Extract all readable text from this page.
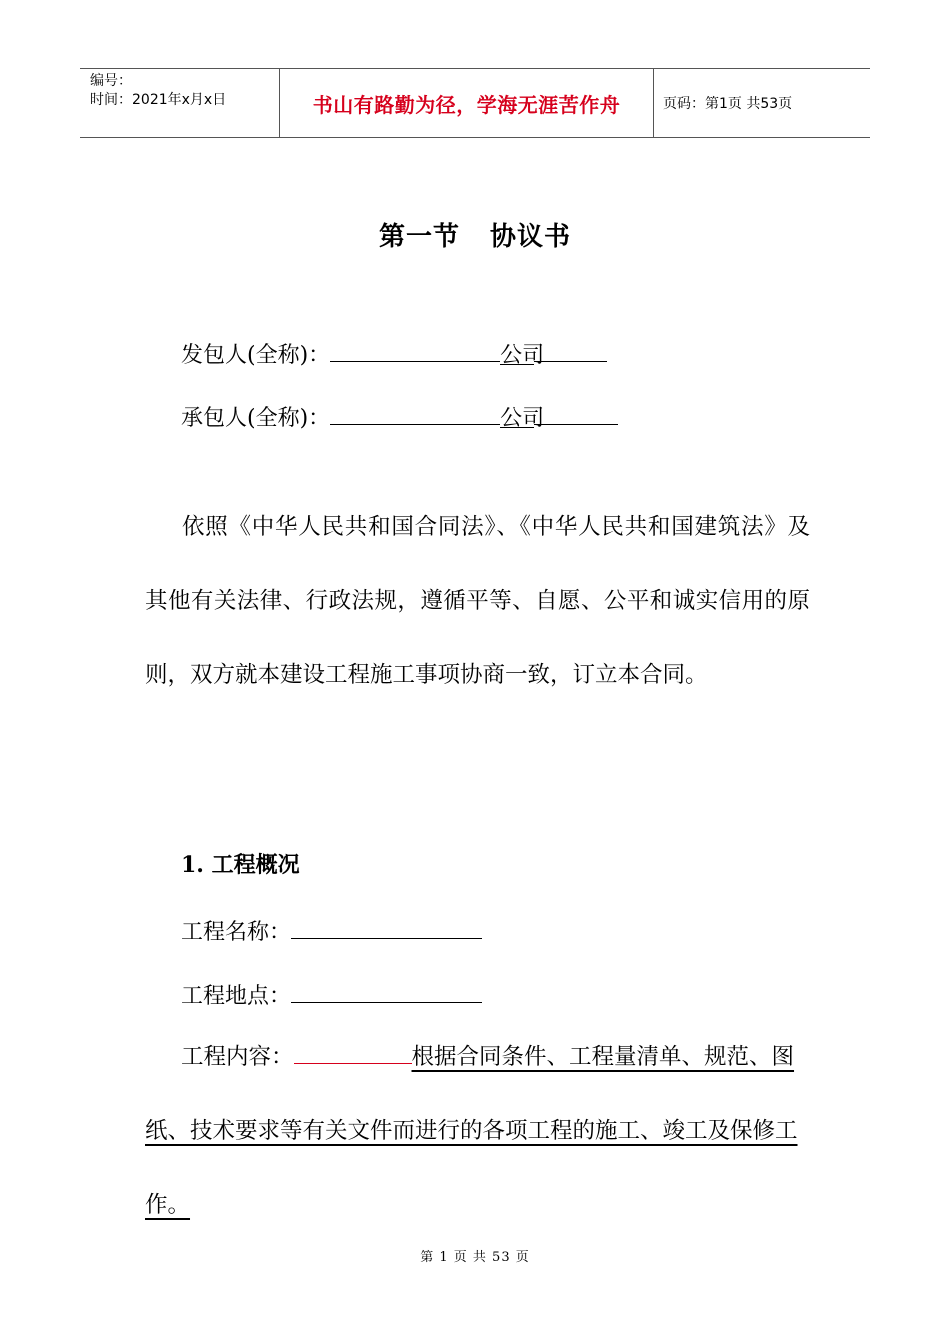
编号：
时间：2021年x月x日	书山有路勤为径，学海无涯苦作舟	页码：第1页 共53页
第一节 协议书
发包人(全称)：	公司
承包人(全称)：	公司
依照《中华人民共和国合同法》、《中华人民共和国建筑法》及其他有关法律、行政法规，遵循平等、自愿、公平和诚实信用的原则，双方就本建设工程施工事项协商一致，订立本合同。
1. 工程概况
工程名称：
工程地点：
工程内容：	根据合同条件、工程量清单、规范、图纸、技术要求等有关文件而进行的各项工程的施工、竣工及保修工作。
第 1 页 共 53 页
